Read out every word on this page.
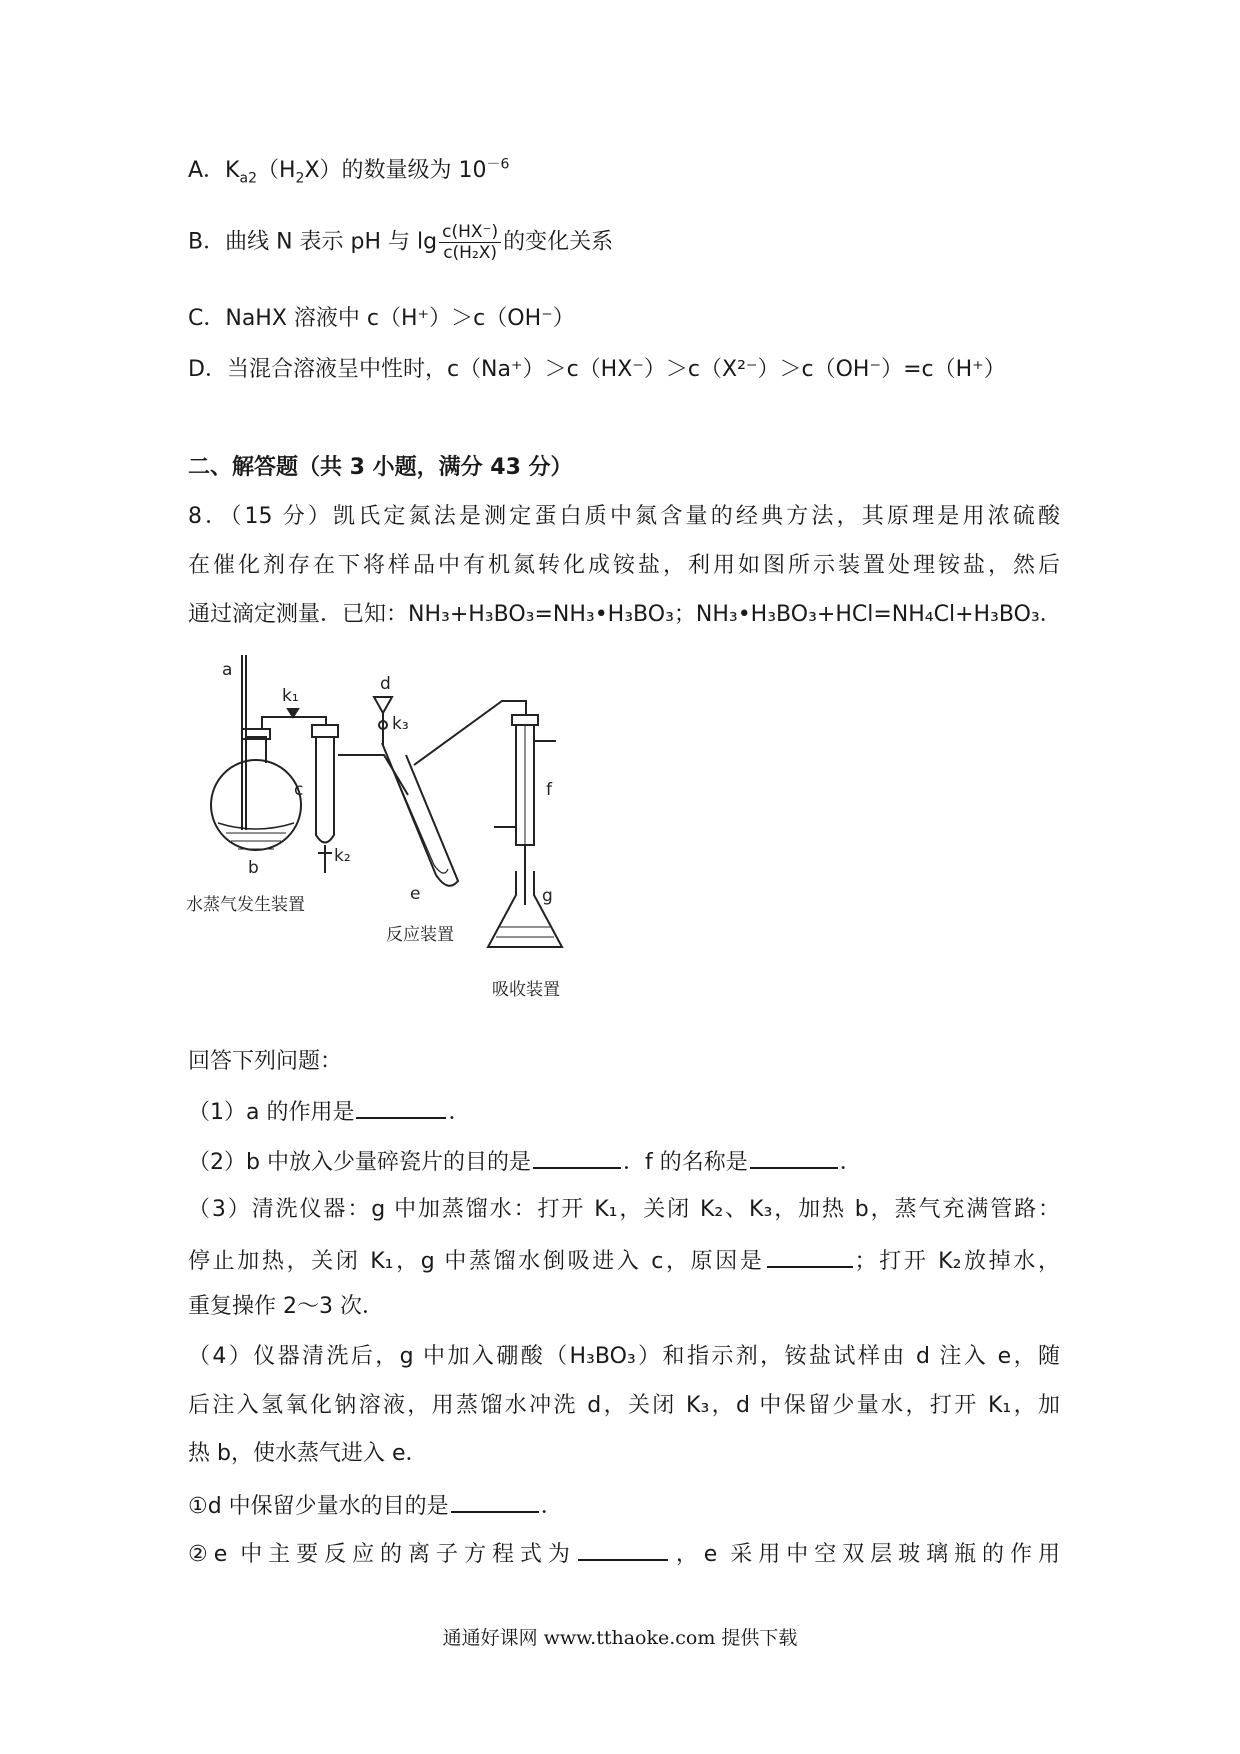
A．$K_{a2}(H_2X)$的数量级为 $10^{-6}$
B．曲线 N 表示 pH 与 $\lg \frac{c(HX^-)}{\text{c(H₂X)}}$ 的变化关系
C．NaHX 溶液中 c（H⁺）＞c（OH⁻）
D．当混合溶液呈中性时，c（Na⁺）＞c（HX⁻）＞c（X²⁻）＞c（OH⁻）=c（H⁺）
二、解答题（共 3 小题，满分 43 分）
8．（15 分）凯氏定氮法是测定蛋白质中氮含量的经典方法，其原理是用浓硫酸
在催化剂存在下将样品中有机氮转化成铵盐，利用如图所示装置处理铵盐，然后
通过滴定测量．已知：NH₃+H₃BO₃=NH₃•H₃BO₃；NH₃•H₃BO₃+HCl=NH₄Cl+H₃BO₃．
a
k₁
b
c
k₂
d
k₃
e
f
g
水蒸气发生装置
反应装置
吸收装置
回答下列问题：
（1）a 的作用是	．
（2）b 中放入少量碎瓷片的目的是	．f 的名称是	．
（3）清洗仪器：g 中加蒸馏水：打开 K₁，关闭 K₂、K₃，加热 b，蒸气充满管路：
停止加热，关闭 K₁，g 中蒸馏水倒吸进入 c，原因是	；打开 K₂放掉水，
重复操作 2～3 次．
（4）仪器清洗后，g 中加入硼酸（H₃BO₃）和指示剂，铵盐试样由 d 注入 e，随
后注入氢氧化钠溶液，用蒸馏水冲洗 d，关闭 K₃，d 中保留少量水，打开 K₁，加
热 b，使水蒸气进入 e．
①d 中保留少量水的目的是	．
②e 中主要反应的离子方程式为	，e 采用中空双层玻璃瓶的作用
通通好课网 www.tthaoke.com 提供下载
